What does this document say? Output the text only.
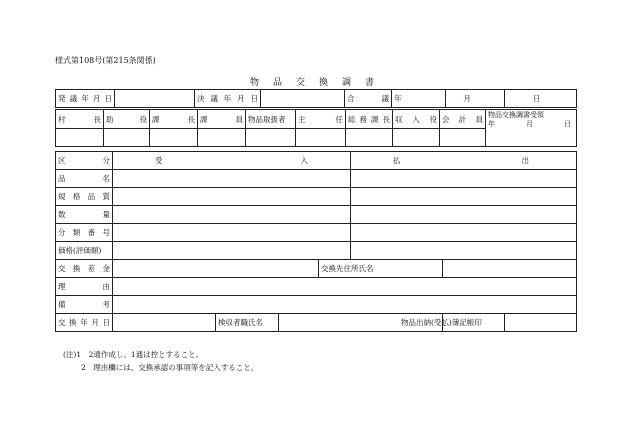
様式第108号(第215条関係)
物品交換調書
発議年月日		決議年月日		合議	年	月	日		
村長	助役	課長	課員	物品取扱者	主任	総務課長	収入役	会計員	物品交換調書受領
年 月 日

区分	受入				払出		

品名							

規格品質							

数量							

分類番号							

価格(評価額)							

交換差金				交換先住所氏名			

理由							

備考							

交換年月日		検収者職氏名				物品出納(受払)簿記帳印	
(注)1　2通作成し、1通は控とすること。
2　理由欄には、交換承認の事項等を記入すること。
